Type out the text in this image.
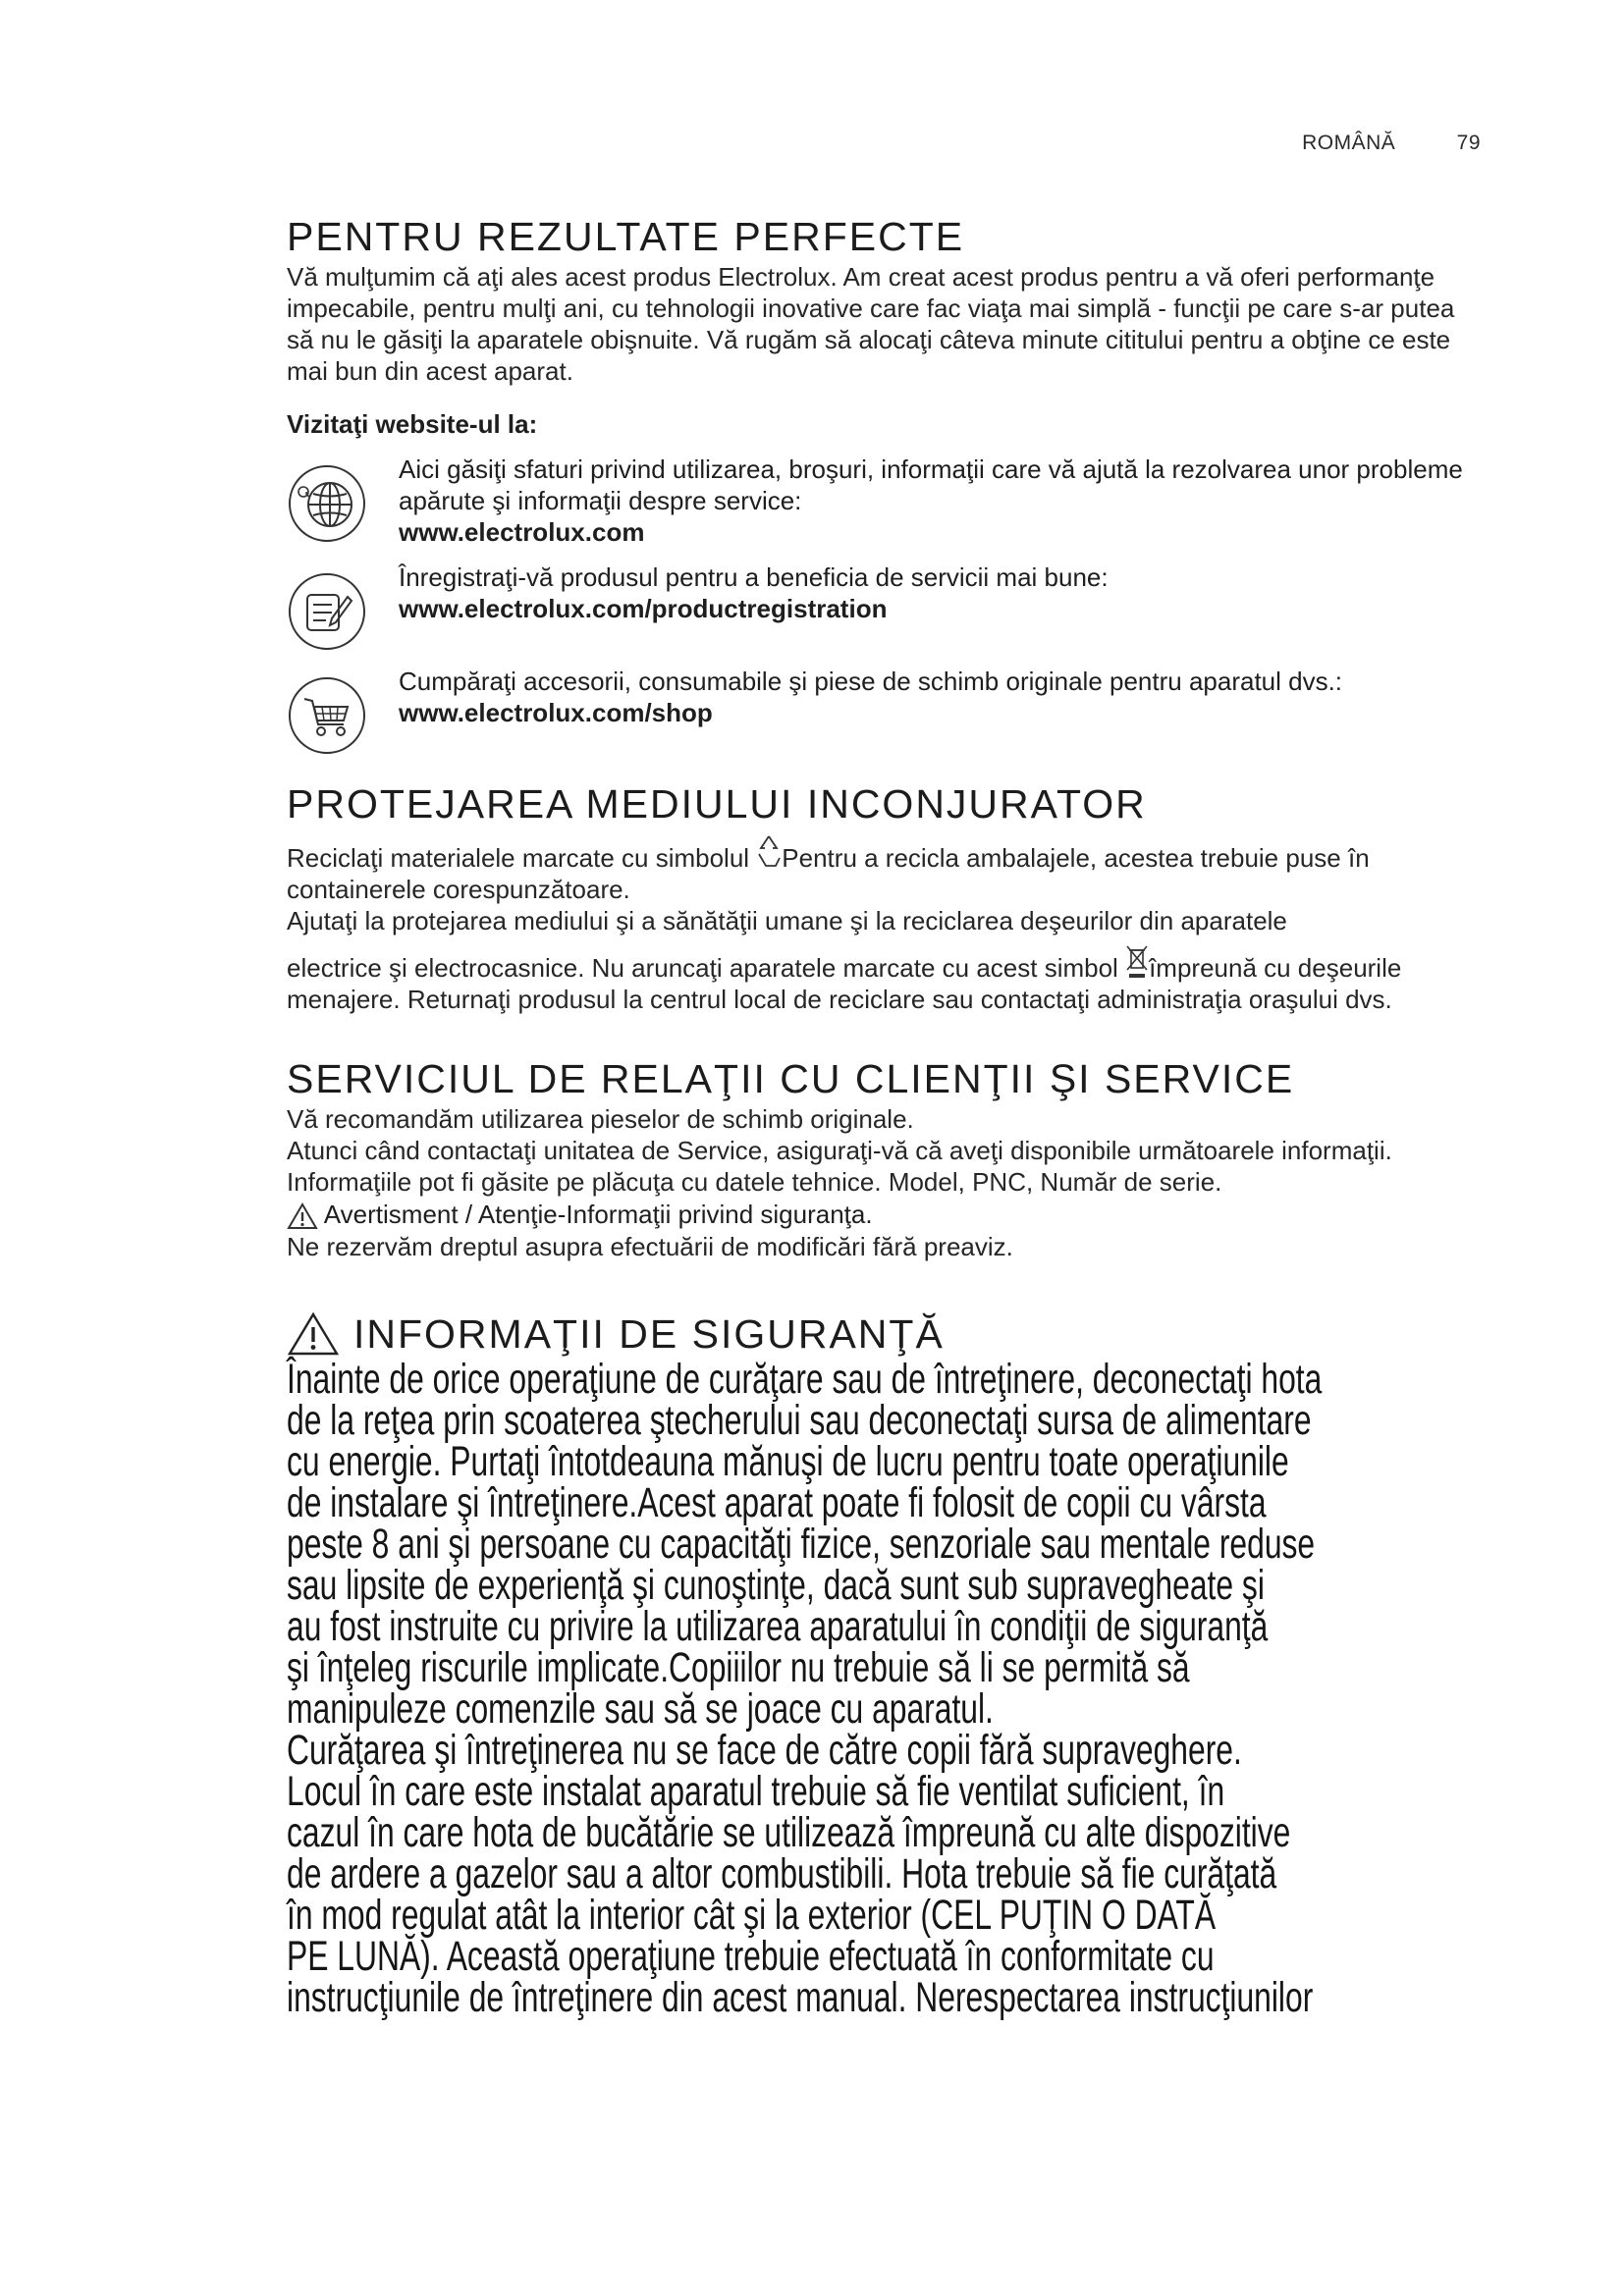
ROMÂNĂ	79
PENTRU REZULTATE PERFECTE

Vă mulţumim că aţi ales acest produs Electrolux. Am creat acest produs pentru a vă oferi performanţe impecabile, pentru mulţi ani, cu tehnologii inovative care fac viaţa mai simplă - funcţii pe care s-ar putea să nu le găsiţi la aparatele obişnuite. Vă rugăm să alocaţi câteva minute cititului pentru a obţine ce este mai bun din acest aparat.

Vizitaţi website-ul la:

Aici găsiţi sfaturi privind utilizarea, broşuri, informaţii care vă ajută la rezolvarea unor probleme apărute şi informaţii despre service:
www.electrolux.com
Înregistraţi-vă produsul pentru a beneficia de servicii mai bune:
www.electrolux.com/productregistration
Cumpăraţi accesorii, consumabile şi piese de schimb originale pentru aparatul dvs.:
www.electrolux.com/shop
PROTEJAREA MEDIULUI INCONJURATOR

Reciclaţi materialele marcate cu simbolul Pentru a recicla ambalajele, acestea trebuie puse în containerele corespunzătoare.

Ajutaţi la protejarea mediului şi a sănătăţii umane şi la reciclarea deşeurilor din aparatele

electrice şi electrocasnice. Nu aruncaţi aparatele marcate cu acest simbol împreună cu deşeurile menajere. Returnaţi produsul la centrul local de reciclare sau contactaţi administraţia oraşului dvs.

SERVICIUL DE RELAŢII CU CLIENŢII ŞI SERVICE

Vă recomandăm utilizarea pieselor de schimb originale.

Atunci când contactaţi unitatea de Service, asiguraţi-vă că aveţi disponibile următoarele informaţii.

Informaţiile pot fi găsite pe plăcuţa cu datele tehnice. Model, PNC, Număr de serie.

Avertisment / Atenţie-Informaţii privind siguranţa.

Ne rezervăm dreptul asupra efectuării de modificări fără preaviz.

INFORMAŢII DE SIGURANŢĂ
Înainte de orice operaţiune de curăţare sau de întreţinere, deconectaţi hota
de la reţea prin scoaterea ştecherului sau deconectaţi sursa de alimentare
cu energie. Purtaţi întotdeauna mănuşi de lucru pentru toate operaţiunile
de instalare şi întreţinere.Acest aparat poate fi folosit de copii cu vârsta
peste 8 ani şi persoane cu capacităţi fizice, senzoriale sau mentale reduse
sau lipsite de experienţă şi cunoştinţe, dacă sunt sub supravegheate şi
au fost instruite cu privire la utilizarea aparatului în condiţii de siguranţă
şi înţeleg riscurile implicate.Copiiilor nu trebuie să li se permită să
manipuleze comenzile sau să se joace cu aparatul.
Curăţarea şi întreţinerea nu se face de către copii fără supraveghere.
Locul în care este instalat aparatul trebuie să fie ventilat suficient, în
cazul în care hota de bucătărie se utilizează împreună cu alte dispozitive
de ardere a gazelor sau a altor combustibili. Hota trebuie să fie curăţată
în mod regulat atât la interior cât şi la exterior (CEL PUŢIN O DATĂ
PE LUNĂ). Această operaţiune trebuie efectuată în conformitate cu
instrucţiunile de întreţinere din acest manual. Nerespectarea instrucţiunilor
